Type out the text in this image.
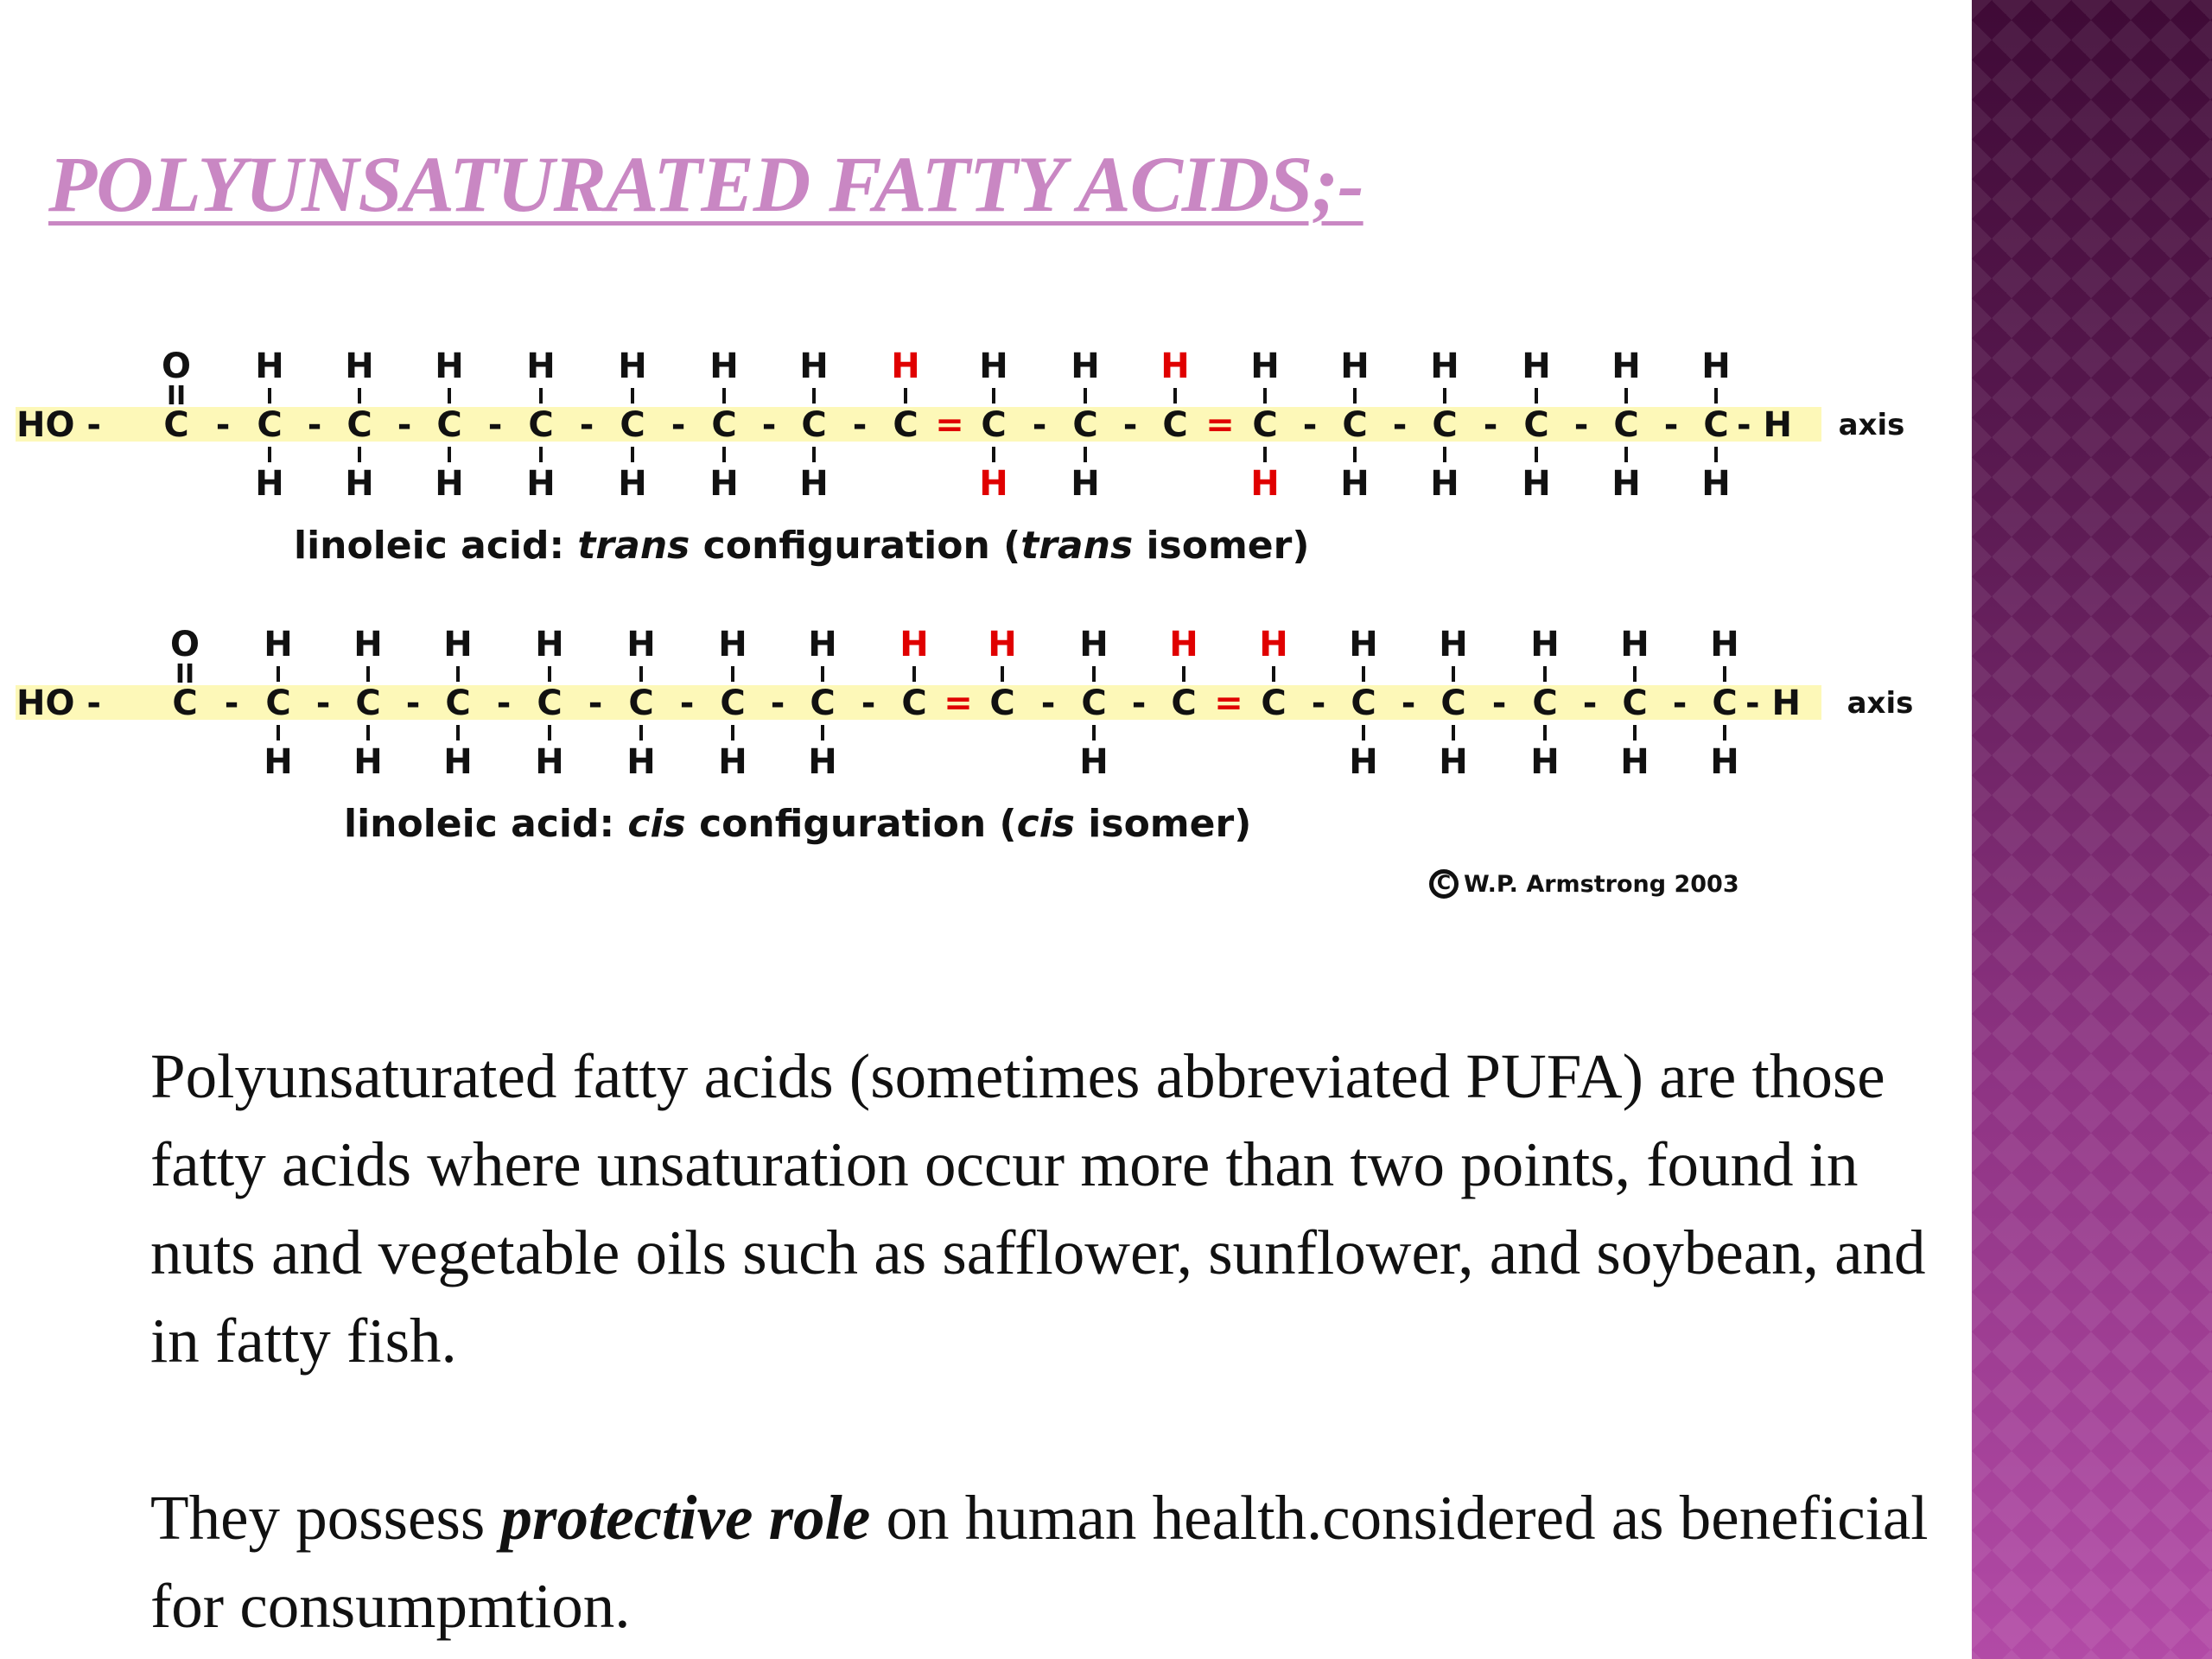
POLYUNSATURATED FATTY ACIDS;-
HO - C
O
II
- C
H
H
- C
H
H
- C
H
H
- C
H
H
- C
H
H
- C
H
H
- C
H
H
- C
H
= C
H
H
- C
H
H
- C
H
= C
H
H
- C
H
H
- C
H
H
- C
H
H
- C
H
H
- C
H
H
- H axis

linoleic acid: trans configuration (trans isomer)

HO - C
O
II
- C
H
H
- C
H
H
- C
H
H
- C
H
H
- C
H
H
- C
H
H
- C
H
H
- C
H
= C
H
- C
H
H
- C
H
= C
H
- C
H
H
- C
H
H
- C
H
H
- C
H
H
- C
H
H
- H axis

linoleic acid: cis configuration (cis isomer)

C W.P. Armstrong 2003

Polyunsaturated fatty acids (sometimes abbreviated PUFA) are those fatty acids where unsaturation occur more than two points, found in nuts and vegetable oils such as safflower, sunflower, and soybean, and in fatty fish.

They possess protective role on human health.considered as beneficial for consumpmtion.
